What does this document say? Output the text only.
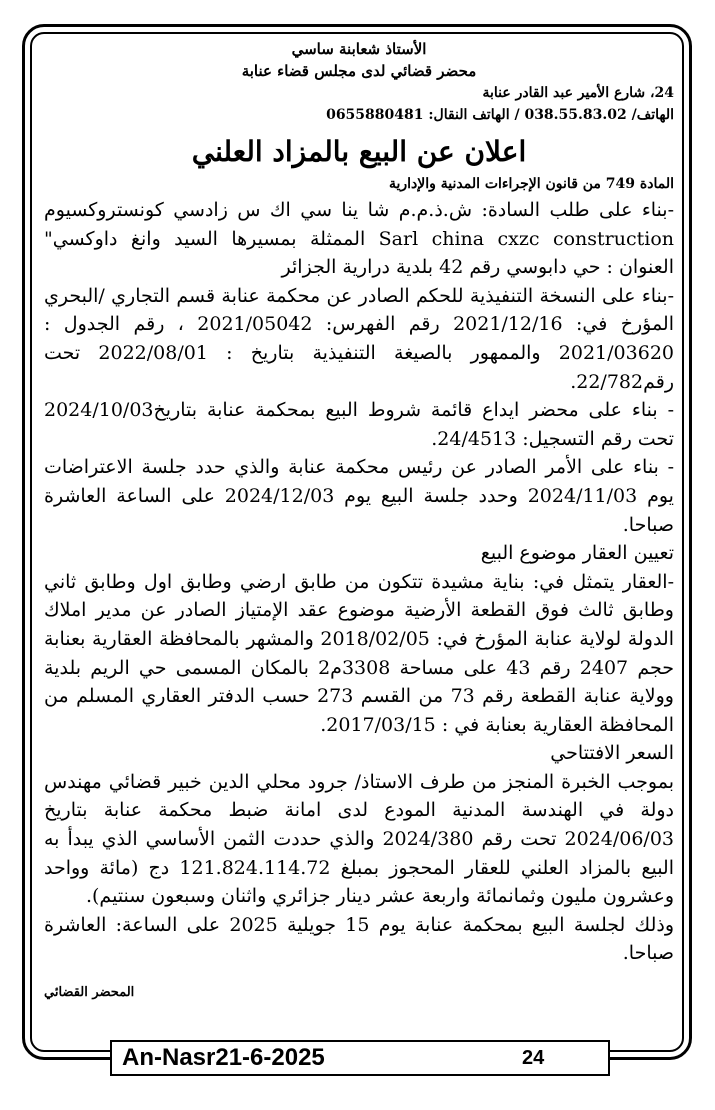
الأستاذ شعابنة ساسي
محضر قضائي لدى مجلس قضاء عنابة
24، شارع الأمير عبد القادر عنابة
الهاتف/ 038.55.83.02 / الهاتف النقال: 0655880481
اعلان عن البيع بالمزاد العلني
المادة 749 من قانون الإجراءات المدنية والإدارية
-بناء على طلب السادة: ش.ذ.م.م شا ينا سي اك س زادسي كونستروكسيوم Sarl china cxzc construction الممثلة بمسيرها السيد وانغ داوكسي" العنوان : حي دابوسي رقم 42 بلدية درارية الجزائر
-بناء على النسخة التنفيذية للحكم الصادر عن محكمة عنابة قسم التجاري /البحري المؤرخ في: 2021/12/16 رقم الفهرس: 2021/05042 ، رقم الجدول : 2021/03620 والممهور بالصيغة التنفيذية بتاريخ : 2022/08/01 تحت رقم22/782.
- بناء على محضر ايداع قائمة شروط البيع بمحكمة عنابة بتاريخ2024/10/03 تحت رقم التسجيل: 24/4513.
- بناء على الأمر الصادر عن رئيس محكمة عنابة والذي حدد جلسة الاعتراضات يوم 2024/11/03 وحدد جلسة البيع يوم 2024/12/03 على الساعة العاشرة صباحا.
تعيين العقار موضوع البيع
-العقار يتمثل في: بناية مشيدة تتكون من طابق ارضي وطابق اول وطابق ثاني وطابق ثالث فوق القطعة الأرضية موضوع عقد الإمتياز الصادر عن مدير املاك الدولة لولاية عنابة المؤرخ في: 2018/02/05 والمشهر بالمحافظة العقارية بعنابة حجم 2407 رقم 43 على مساحة 3308م2 بالمكان المسمى حي الريم بلدية وولاية عنابة القطعة رقم 73 من القسم 273 حسب الدفتر العقاري المسلم من المحافظة العقارية بعنابة في : 2017/03/15.
السعر الافتتاحي
بموجب الخبرة المنجز من طرف الاستاذ/ جرود محلي الدين خبير قضائي مهندس دولة في الهندسة المدنية المودع لدى امانة ضبط محكمة عنابة بتاريخ 2024/06/03 تحت رقم 2024/380 والذي حددت الثمن الأساسي الذي يبدأ به البيع بالمزاد العلني للعقار المحجوز بمبلغ 121.824.114.72 دج (مائة وواحد وعشرون مليون وثمانمائة واربعة عشر دينار جزائري واثنان وسبعون سنتيم).
وذلك لجلسة البيع بمحكمة عنابة يوم 15 جويلية 2025 على الساعة: العاشرة صباحا.
المحضر القضائي
An-Nasr21-6-2025	24
